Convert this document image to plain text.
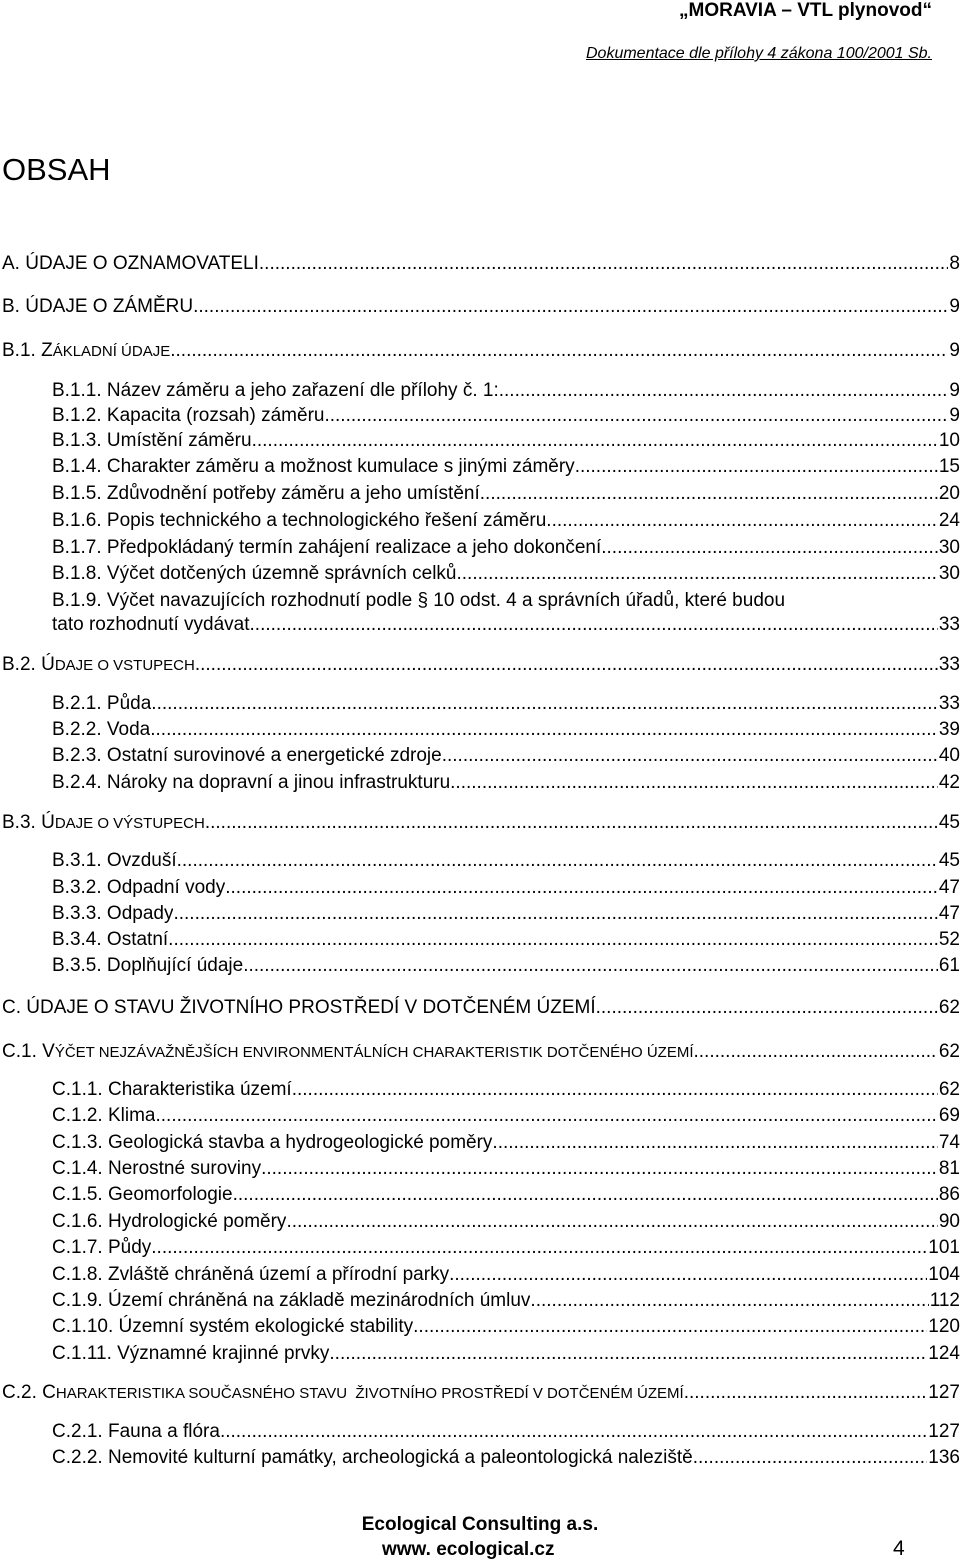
„MORAVIA – VTL plynovod“
Dokumentace dle přílohy 4 zákona 100/2001 Sb.
OBSAH
A. ÚDAJE O OZNAMOVATELI .....	8
B. ÚDAJE O ZÁMĚRU .....	9
B.1. ZÁKLADNÍ ÚDAJE .....	9
B.1.1. Název záměru a jeho zařazení dle přílohy č. 1: .....	9
B.1.2. Kapacita (rozsah) záměru .....	9
B.1.3. Umístění záměru .....	10
B.1.4. Charakter záměru a možnost kumulace s jinými záměry .....	15
B.1.5. Zdůvodnění potřeby záměru a jeho umístění .....	20
B.1.6. Popis technického a technologického řešení záměru .....	24
B.1.7. Předpokládaný termín zahájení realizace a jeho dokončení .....	30
B.1.8. Výčet dotčených územně správních celků .....	30
B.1.9. Výčet navazujících rozhodnutí podle § 10 odst. 4 a správních úřadů, které budou
tato rozhodnutí vydávat .....	33
B.2. ÚDAJE O VSTUPECH .....	33
B.2.1. Půda .....	33
B.2.2. Voda .....	39
B.2.3. Ostatní surovinové a energetické zdroje .....	40
B.2.4. Nároky na dopravní a jinou infrastrukturu .....	42
B.3. ÚDAJE O VÝSTUPECH .....	45
B.3.1. Ovzduší .....	45
B.3.2. Odpadní vody .....	47
B.3.3. Odpady .....	47
B.3.4. Ostatní .....	52
B.3.5. Doplňující údaje .....	61
C. ÚDAJE O STAVU ŽIVOTNÍHO PROSTŘEDÍ V DOTČENÉM ÚZEMÍ .....	62
C.1. VÝČET NEJZÁVAŽNĚJŠÍCH ENVIRONMENTÁLNÍCH CHARAKTERISTIK DOTČENÉHO ÚZEMÍ .....	62
C.1.1. Charakteristika území .....	62
C.1.2. Klima .....	69
C.1.3. Geologická stavba a hydrogeologické poměry .....	74
C.1.4. Nerostné suroviny .....	81
C.1.5. Geomorfologie .....	86
C.1.6. Hydrologické poměry .....	90
C.1.7. Půdy .....	101
C.1.8. Zvláště chráněná území a přírodní parky .....	104
C.1.9. Území chráněná na základě mezinárodních úmluv .....	112
C.1.10. Územní systém ekologické stability .....	120
C.1.11. Významné krajinné prvky .....	124
C.2. CHARAKTERISTIKA SOUČASNÉHO STAVU  ŽIVOTNÍHO PROSTŘEDÍ V DOTČENÉM ÚZEMÍ .....	127
C.2.1. Fauna a flóra .....	127
C.2.2. Nemovité kulturní památky, archeologická a paleontologická naleziště .....	136
Ecological Consulting a.s.
www. ecological.cz	4
